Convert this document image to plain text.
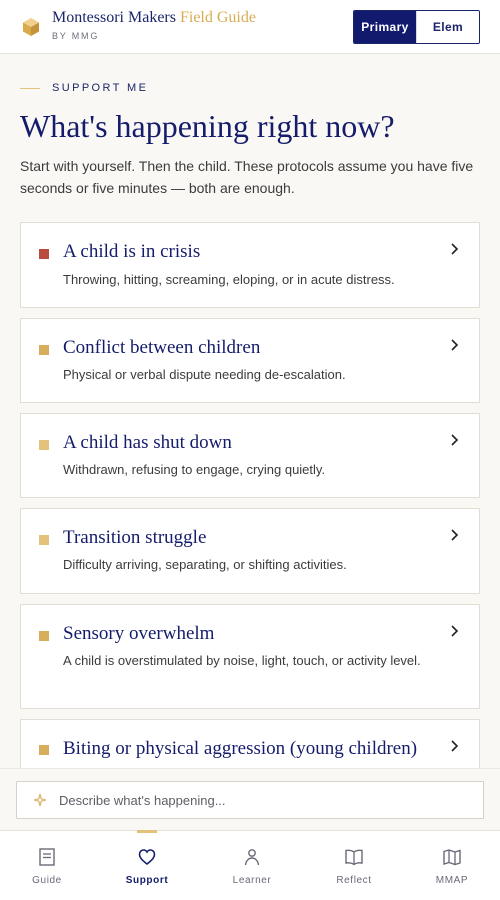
Montessori Makers Field Guide
BY MMG
Primary	Elem
SUPPORT ME
What's happening right now?

Start with yourself. Then the child. These protocols assume you have five seconds or five minutes — both are enough.

A child is in crisis
Throwing, hitting, screaming, eloping, or in acute distress.
Conflict between children
Physical or verbal dispute needing de-escalation.
A child has shut down
Withdrawn, refusing to engage, crying quietly.
Transition struggle
Difficulty arriving, separating, or shifting activities.
Sensory overwhelm
A child is overstimulated by noise, light, touch, or activity level.
Biting or physical aggression (young children)
Describe what's happening...
Guide	Support	Learner	Reflect	MMAP
